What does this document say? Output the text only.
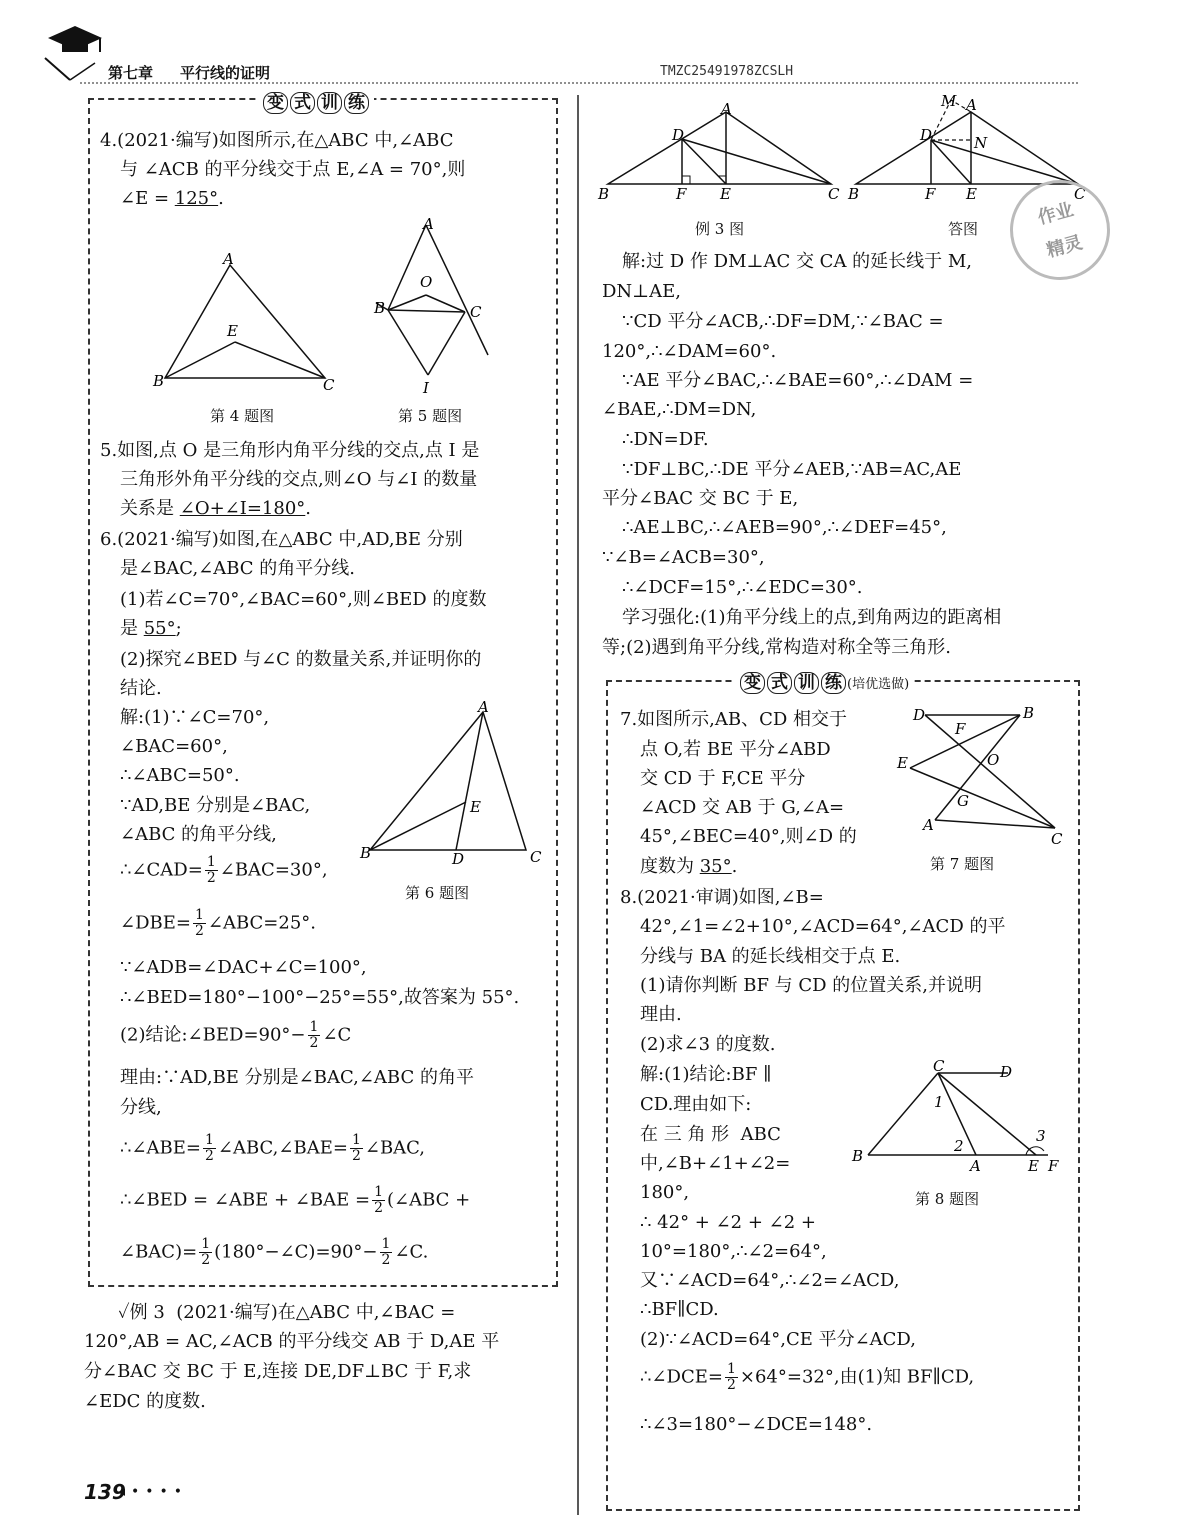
第七章 平行线的证明	TMZC25491978ZCSLH
变 式 训 练
4.(2021·编写)如图所示,在△ABC 中,∠ABC
与 ∠ACB 的平分线交于点 E,∠A = 70°,则
∠E = 125°.
A
B	C
E
A
B	C
O
I
第 4 题图	第 5 题图
5.如图,点 O 是三角形内角平分线的交点,点 I 是
三角形外角平分线的交点,则∠O 与∠I 的数量
关系是 ∠O+∠I=180°.
6.(2021·编写)如图,在△ABC 中,AD,BE 分别
是∠BAC,∠ABC 的角平分线.
(1)若∠C=70°,∠BAC=60°,则∠BED 的度数
是 55°;
(2)探究∠BED 与∠C 的数量关系,并证明你的
结论.
A
B	C
D
E
第 6 题图
解:(1)∵∠C=70°,
∠BAC=60°,
∴∠ABC=50°.
∵AD,BE 分别是∠BAC,
∠ABC 的角平分线,
∴∠CAD= $\frac{1}{2}$ ∠BAC=30°,
∠DBE= $\frac{1}{2}$ ∠ABC=25°.
∵∠ADB=∠DAC+∠C=100°,
∴∠BED=180°−100°−25°=55°,故答案为 55°.
(2)结论:∠BED=90°− $\frac{1}{2}$ ∠C
理由:∵AD,BE 分别是∠BAC,∠ABC 的角平
分线,
∴∠ABE= $\frac{1}{2}$ ∠ABC,∠BAE= $\frac{1}{2}$ ∠BAC,
∴∠BED = ∠ABE + ∠BAE = $\frac{1}{2}$ (∠ABC +
∠BAC)= $\frac{1}{2}$ (180°−∠C)=90°− $\frac{1}{2}$ ∠C.
✓例 3  (2021·编写)在△ABC 中,∠BAC =
120°,AB = AC,∠ACB 的平分线交 AB 于 D,AE 平
分∠BAC 交 BC 于 E,连接 DE,DF⊥BC 于 F,求
∠EDC 的度数.
A
D
B	F E	C
例 3 图
A
M
N
D
B	F E	C
答图
作业
精灵
解:过 D 作 DM⊥AC 交 CA 的延长线于 M,
DN⊥AE,
∵CD 平分∠ACB,∴DF=DM,∵∠BAC =
120°,∴∠DAM=60°.
∵AE 平分∠BAC,∴∠BAE=60°,∴∠DAM =
∠BAE,∴DM=DN,
∴DN=DF.
∵DF⊥BC,∴DE 平分∠AEB,∵AB=AC,AE
平分∠BAC 交 BC 于 E,
∴AE⊥BC,∴∠AEB=90°,∴∠DEF=45°,
∵∠B=∠ACB=30°,
∴∠DCF=15°,∴∠EDC=30°.
学习强化:(1)角平分线上的点,到角两边的距离相
等;(2)遇到角平分线,常构造对称全等三角形.
变 式 训 练 (培优选做)
7.如图所示,AB、CD 相交于
点 O,若 BE 平分∠ABD
交 CD 于 F,CE 平分
∠ACD 交 AB 于 G,∠A=
45°,∠BEC=40°,则∠D 的
度数为 35°.
D	B
F
E	O
G
A
C
第 7 题图
8.(2021·审调)如图,∠B=
42°,∠1=∠2+10°,∠ACD=64°,∠ACD 的平
分线与 BA 的延长线相交于点 E.
(1)请你判断 BF 与 CD 的位置关系,并说明
理由.
(2)求∠3 的度数.
C	D
1
2
3
B
A	E F
第 8 题图
解:(1)结论:BF ∥
CD.理由如下:
在 三 角 形  ABC
中,∠B+∠1+∠2=
180°,
∴ 42° + ∠2 + ∠2 +
10°=180°,∴∠2=64°,
又∵∠ACD=64°,∴∠2=∠ACD,
∴BF∥CD.
(2)∵∠ACD=64°,CE 平分∠ACD,
∴∠DCE= $\frac{1}{2} \times 64^\circ=32^\circ$,由(1)知 BF∥CD,
∴∠3=180°−∠DCE=148°.
139
◂••••
